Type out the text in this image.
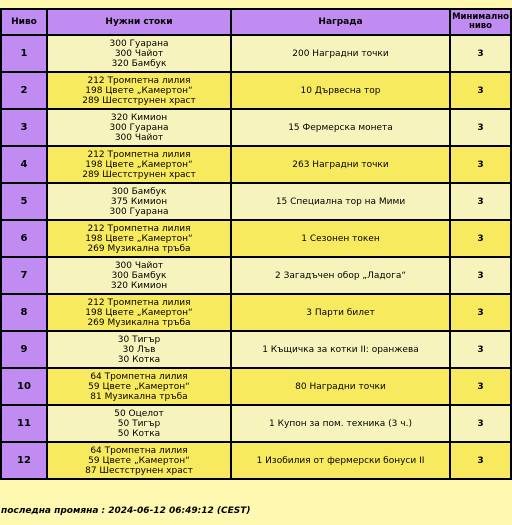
Ниво	Нужни стоки	Награда	Минимално
ниво

1	300 Гуарана
300 Чайот
320 Бамбук	200 Наградни точки	3
2	212 Тромпетна лилия
198 Цвете „Камертон“
289 Шестструнен храст	10 Дървесна тор	3
3	320 Кимион
300 Гуарана
300 Чайот	15 Фермерска монета	3
4	212 Тромпетна лилия
198 Цвете „Камертон“
289 Шестструнен храст	263 Наградни точки	3
5	300 Бамбук
375 Кимион
300 Гуарана	15 Специална тор на Мими	3
6	212 Тромпетна лилия
198 Цвете „Камертон“
269 Музикална тръба	1 Сезонен токен	3
7	300 Чайот
300 Бамбук
320 Кимион	2 Загадъчен обор „Ладога“	3
8	212 Тромпетна лилия
198 Цвете „Камертон“
269 Музикална тръба	3 Парти билет	3
9	30 Тигър
30 Лъв
30 Котка	1 Къщичка за котки II: оранжева	3
10	64 Тромпетна лилия
59 Цвете „Камертон“
81 Музикална тръба	80 Наградни точки	3
11	50 Оцелот
50 Тигър
50 Котка	1 Купон за пом. техника (3 ч.)	3
12	64 Тромпетна лилия
59 Цвете „Камертон“
87 Шестструнен храст	1 Изобилия от фермерски бонуси II	3
последна промяна : 2024-06-12 06:49:12 (CEST)
